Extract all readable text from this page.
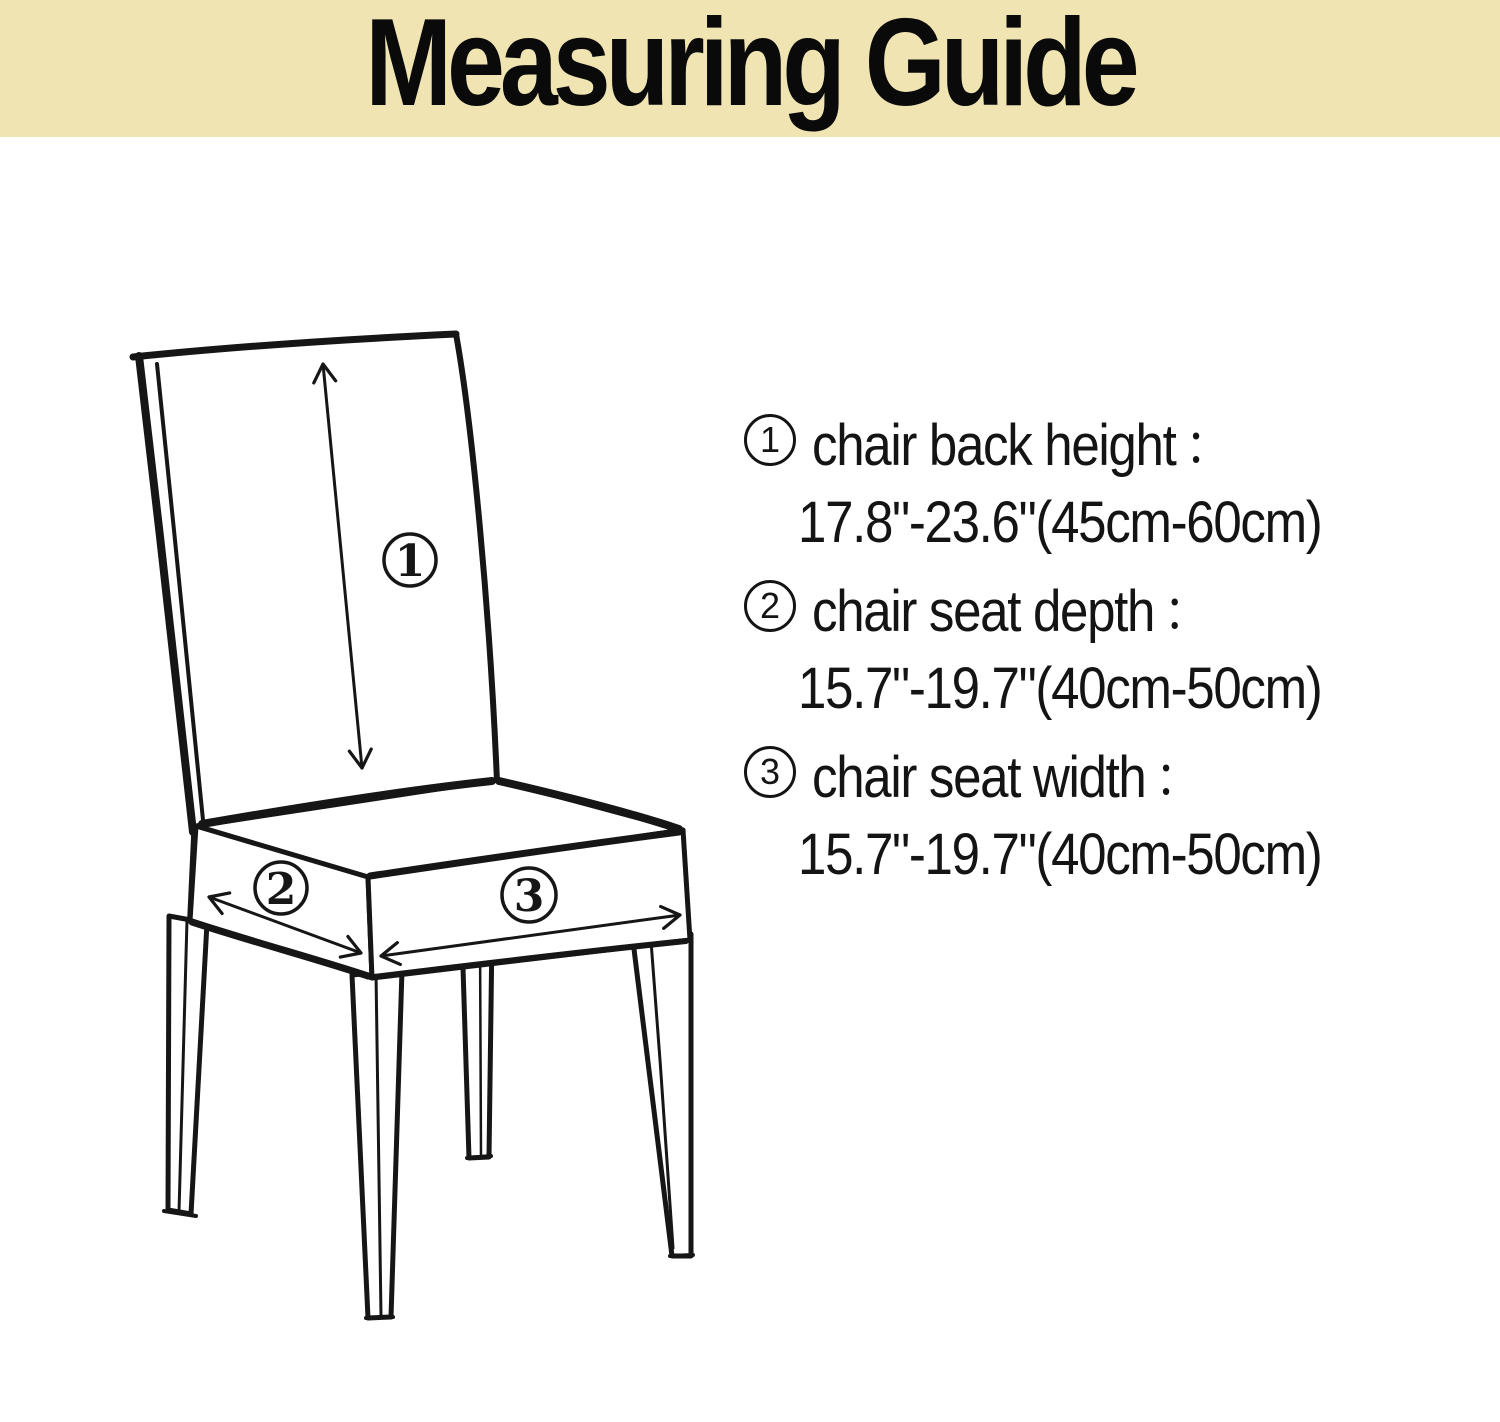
Measuring Guide
1
2	3
1 chair back height ：
17.8"-23.6"(45cm-60cm)
2 chair seat depth ：
15.7"-19.7"(40cm-50cm)
3 chair seat width ：
15.7"-19.7"(40cm-50cm)
